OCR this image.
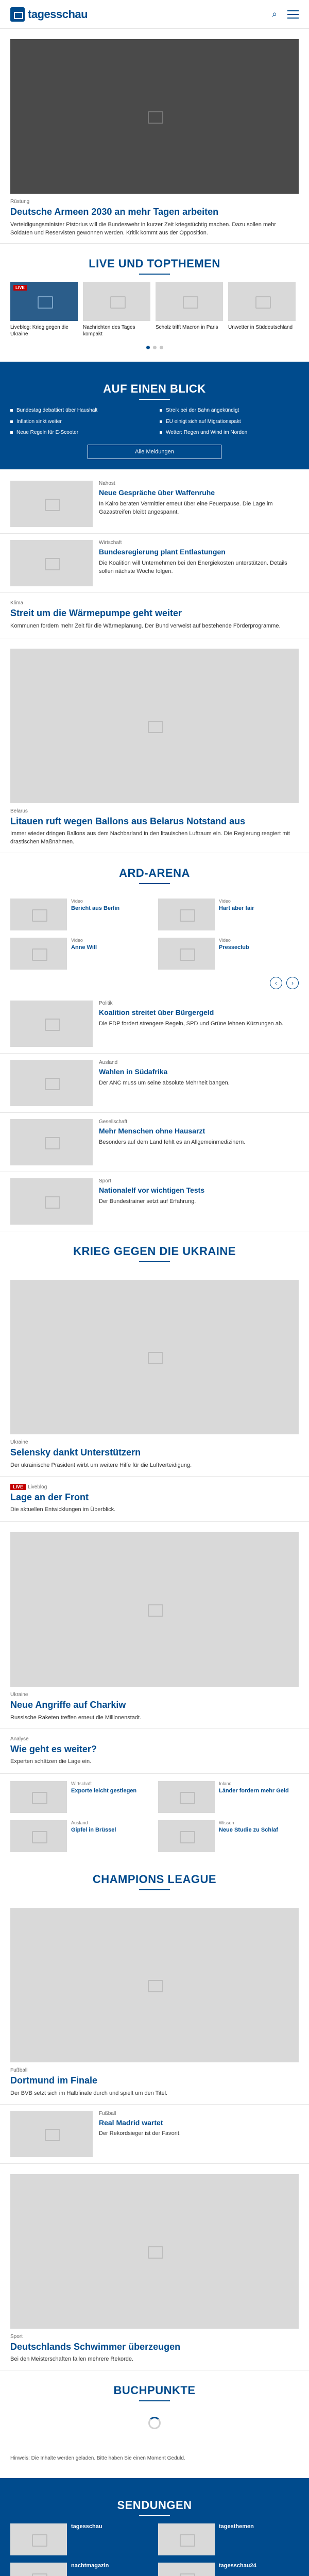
tagesschau	⌕
Rüstung
Deutsche Armeen 2030 an mehr Tagen arbeiten
Verteidigungsminister Pistorius will die Bundeswehr in kurzer Zeit kriegstüchtig machen. Dazu sollen mehr Soldaten und Reservisten gewonnen werden. Kritik kommt aus der Opposition.
LIVE UND TOPTHEMEN
LIVE
Liveblog: Krieg gegen die Ukraine
Nachrichten des Tages kompakt
Scholz trifft Macron in Paris	Unwetter in Süddeutschland
AUF EINEN BLICK
Bundestag debattiert über Haushalt	Streik bei der Bahn angekündigt
Inflation sinkt weiter	EU einigt sich auf Migrationspakt
Neue Regeln für E-Scooter	Wetter: Regen und Wind im Norden
Alle Meldungen
Nahost
Neue Gespräche über Waffenruhe
In Kairo beraten Vermittler erneut über eine Feuerpause. Die Lage im Gazastreifen bleibt angespannt.
Wirtschaft
Bundesregierung plant Entlastungen
Die Koalition will Unternehmen bei den Energiekosten unterstützen. Details sollen nächste Woche folgen.
Klima
Streit um die Wärmepumpe geht weiter
Kommunen fordern mehr Zeit für die Wärmeplanung. Der Bund verweist auf bestehende Förderprogramme.
Belarus
Litauen ruft wegen Ballons aus Belarus Notstand aus
Immer wieder dringen Ballons aus dem Nachbarland in den litauischen Luftraum ein. Die Regierung reagiert mit drastischen Maßnahmen.
ARD-ARENA
Video
Bericht aus Berlin
Video
Hart aber fair
Video
Anne Will
Video
Presseclub
‹	›
Politik
Koalition streitet über Bürgergeld
Die FDP fordert strengere Regeln, SPD und Grüne lehnen Kürzungen ab.
Ausland
Wahlen in Südafrika
Der ANC muss um seine absolute Mehrheit bangen.
Gesellschaft
Mehr Menschen ohne Hausarzt
Besonders auf dem Land fehlt es an Allgemeinmedizinern.
Sport
Nationalelf vor wichtigen Tests
Der Bundestrainer setzt auf Erfahrung.
KRIEG GEGEN DIE UKRAINE
Ukraine
Selensky dankt Unterstützern
Der ukrainische Präsident wirbt um weitere Hilfe für die Luftverteidigung.
LIVE Liveblog
Lage an der Front
Die aktuellen Entwicklungen im Überblick.
Ukraine
Neue Angriffe auf Charkiw
Russische Raketen treffen erneut die Millionenstadt.
Analyse
Wie geht es weiter?
Experten schätzen die Lage ein.
Wirtschaft
Exporte leicht gestiegen
Inland
Länder fordern mehr Geld
Ausland
Gipfel in Brüssel
Wissen
Neue Studie zu Schlaf
CHAMPIONS LEAGUE
Fußball
Dortmund im Finale
Der BVB setzt sich im Halbfinale durch und spielt um den Titel.
Fußball
Real Madrid wartet
Der Rekordsieger ist der Favorit.
Sport
Deutschlands Schwimmer überzeugen
Bei den Meisterschaften fallen mehrere Rekorde.
BUCHPUNKTE
Hinweis: Die Inhalte werden geladen. Bitte haben Sie einen Moment Geduld.
SENDUNGEN
tagesschau	tagesthemen
nachtmagazin	tagesschau24
